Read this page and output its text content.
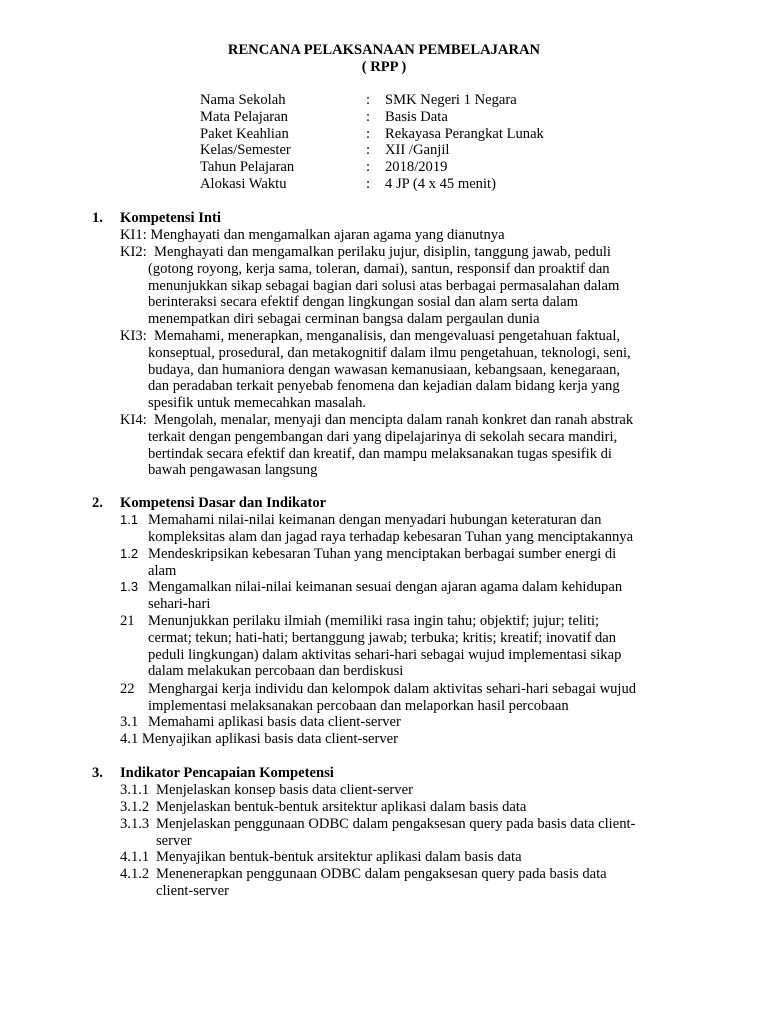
RENCANA PELAKSANAAN PEMBELAJARAN
( RPP )
Nama Sekolah	: SMK Negeri 1 Negara
Mata Pelajaran	: Basis Data
Paket Keahlian	: Rekayasa Perangkat Lunak
Kelas/Semester	: XII /Ganjil
Tahun Pelajaran	: 2018/2019
Alokasi Waktu	: 4 JP (4 x 45 menit)
1. Kompetensi Inti
KI1: Menghayati dan mengamalkan ajaran agama yang dianutnya
KI2: Menghayati dan mengamalkan perilaku jujur, disiplin, tanggung jawab, peduli
(gotong royong, kerja sama, toleran, damai), santun, responsif dan proaktif dan
menunjukkan sikap sebagai bagian dari solusi atas berbagai permasalahan dalam
berinteraksi secara efektif dengan lingkungan sosial dan alam serta dalam
menempatkan diri sebagai cerminan bangsa dalam pergaulan dunia
KI3: Memahami, menerapkan, menganalisis, dan mengevaluasi pengetahuan faktual,
konseptual, prosedural, dan metakognitif dalam ilmu pengetahuan, teknologi, seni,
budaya, dan humaniora dengan wawasan kemanusiaan, kebangsaan, kenegaraan,
dan peradaban terkait penyebab fenomena dan kejadian dalam bidang kerja yang
spesifik untuk memecahkan masalah.
KI4: Mengolah, menalar, menyaji dan mencipta dalam ranah konkret dan ranah abstrak
terkait dengan pengembangan dari yang dipelajarinya di sekolah secara mandiri,
bertindak secara efektif dan kreatif, dan mampu melaksanakan tugas spesifik di
bawah pengawasan langsung
2. Kompetensi Dasar dan Indikator
1.1 Memahami nilai-nilai keimanan dengan menyadari hubungan keteraturan dan
kompleksitas alam dan jagad raya terhadap kebesaran Tuhan yang menciptakannya
1.2 Mendeskripsikan kebesaran Tuhan yang menciptakan berbagai sumber energi di
alam
1.3 Mengamalkan nilai-nilai keimanan sesuai dengan ajaran agama dalam kehidupan
sehari-hari
21 Menunjukkan perilaku ilmiah (memiliki rasa ingin tahu; objektif; jujur; teliti;
cermat; tekun; hati-hati; bertanggung jawab; terbuka; kritis; kreatif; inovatif dan
peduli lingkungan) dalam aktivitas sehari-hari sebagai wujud implementasi sikap
dalam melakukan percobaan dan berdiskusi
22 Menghargai kerja individu dan kelompok dalam aktivitas sehari-hari sebagai wujud
implementasi melaksanakan percobaan dan melaporkan hasil percobaan
3.1 Memahami aplikasi basis data client-server
4.1 Menyajikan aplikasi basis data client-server
3. Indikator Pencapaian Kompetensi
3.1.1 Menjelaskan konsep basis data client-server
3.1.2 Menjelaskan bentuk-bentuk arsitektur aplikasi dalam basis data
3.1.3 Menjelaskan penggunaan ODBC dalam pengaksesan query pada basis data client-
server
4.1.1 Menyajikan bentuk-bentuk arsitektur aplikasi dalam basis data
4.1.2 Menenerapkan penggunaan ODBC dalam pengaksesan query pada basis data
client-server
